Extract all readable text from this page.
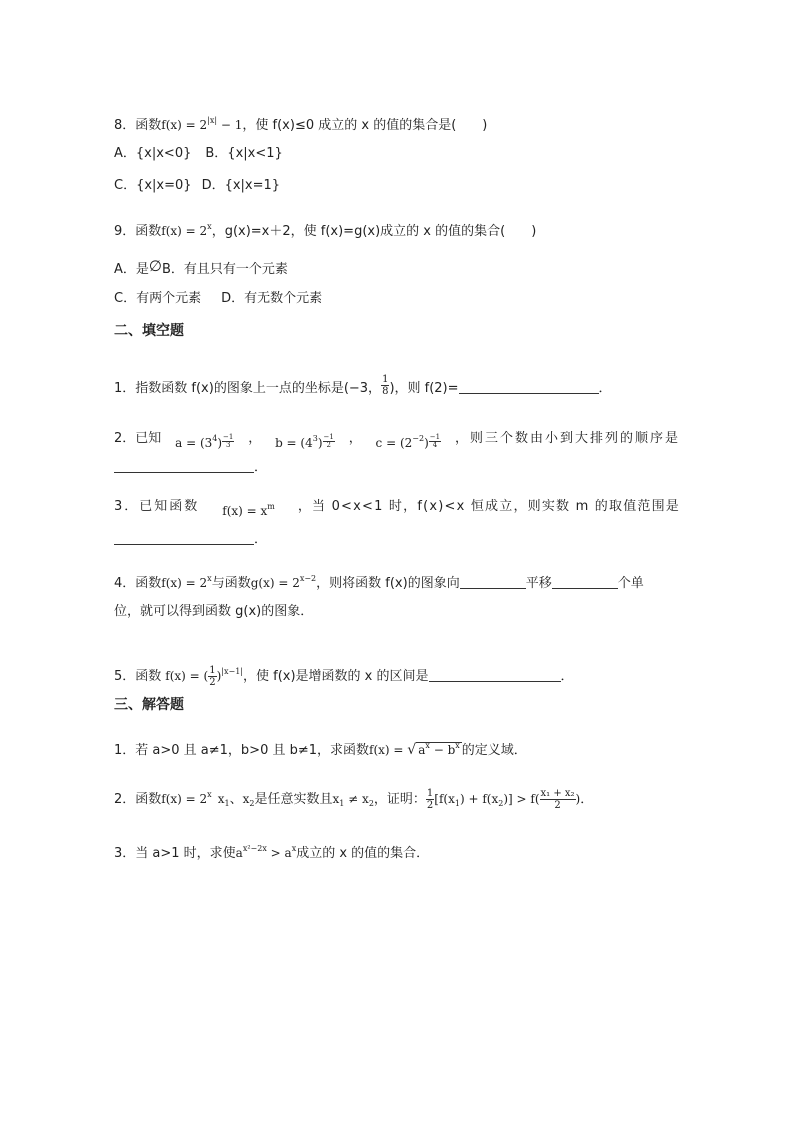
8．函数$f(x) = 2^{|x|} - 1$，使 f(x)≤0 成立的 x 的值的集合是(　　)
A．{x|x<0} B．{x|x<1}
C．{x|x=0} D．{x|x=1}
9．函数$f(x) = 2^x$，g(x)=x＋2，使 f(x)=g(x)成立的 x 的值的集合(　　)
A．是∅B．有且只有一个元素
C．有两个元素 D．有无数个元素
二、填空题
1．指数函数 f(x)的图象上一点的坐标是(−3， $\frac{1}{8}$ )，则 f(2)=	．
2．已知 $a = (3^4) \frac{-1}{3}$ ， $b = (4^3) \frac{-1}{2}$ ， $c = (2^{-2}) \frac{-1}{4}$ ，则三个数由小到大排列的顺序是
．
3．已知函数 $f(x) = x^m$ ，当 0<x<1 时，f(x)<x 恒成立，则实数 m 的取值范围是
．
4．函数$f(x) = 2^x$与函数$g(x) = 2^{x-2}$，则将函数 f(x)的图象向	平移	个单
位，就可以得到函数 g(x)的图象．
5．函数 f(x) = ( $\frac{1}{2} )^{|x-1|}$，使 f(x)是增函数的 x 的区间是	．
三、解答题
1．若 a>0 且 a≠1，b>0 且 b≠1，求函数f(x) = √ $a^x - b^x$ 的定义域．
2．函数$f(x) = 2^x$ $x_1$、$x_2$是任意实数且$x_1 \ne x_2$，证明： $\frac{1}{2} [f(x_1) + f(x_2)] > f( \frac{\text{x₁ + x₂}}{2}$ )．
3．当 a>1 时，求使$a^{x^2-2x} > a^x$成立的 x 的值的集合．
